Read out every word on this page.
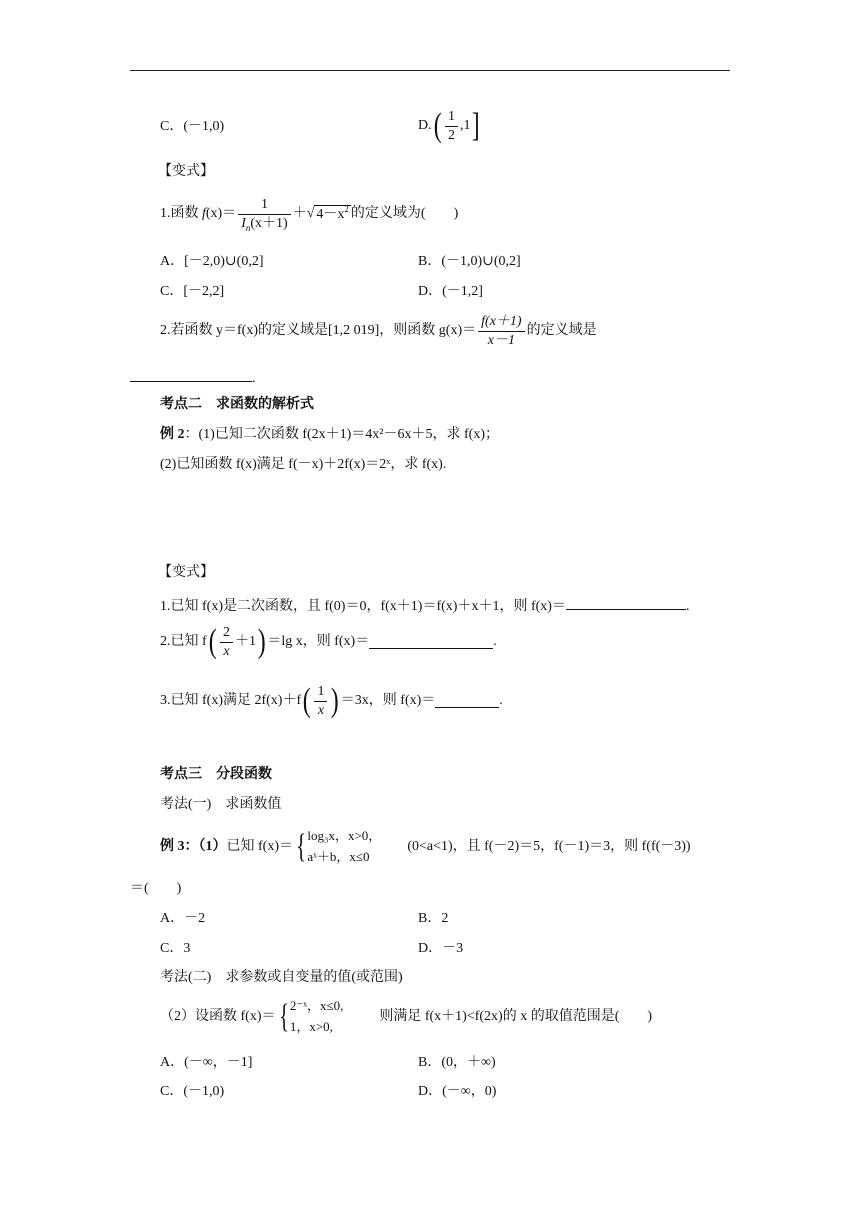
C．(－1,0)	$D.( \frac{1}{2} ,1]$
【变式】
1.函数 $f(x)= \frac{1}{I_n(x+1)}$ ＋√ $4-x^2$ 的定义域为(　　)
A．[－2,0)∪(0,2]	B．(－1,0)∪(0,2]
C．[－2,2]	D．(－1,2]
2.若函数 y＝f(x)的定义域是[1,2 019]，则函数 $g(x)= \frac{f(x+1)}{x-1}$ 的定义域是
.
考点二　求函数的解析式
例 2：(1)已知二次函数 f(2x＋1)＝4x²－6x＋5，求 f(x)；
(2)已知函数 f(x)满足 f(－x)＋2f(x)＝2ˣ，求 f(x).
【变式】
1.已知 f(x)是二次函数，且 f(0)＝0，f(x＋1)＝f(x)＋x＋1，则 f(x)＝	.
2.已知 $f( \frac{2}{x} +1) =\lg$ x，则 f(x)＝	.
3.已知 f(x)满足 $2f(x)+f( \frac{1}{x}$ ) ＝3x，则 f(x)＝	.
考点三　分段函数
考法(一)　求函数值
例 3：（1）已知 f(x)＝{ log₃x，x>0，
aˣ＋b，x≤0
(0<a<1)，且 f(－2)＝5，f(－1)＝3，则 f(f(－3))
＝(　　)
A．－2	B．2
C．3	D．－3
考法(二)　求参数或自变量的值(或范围)
（2）设函数 f(x)＝{ 2⁻ˣ，x≤0,
1，x>0,
则满足 f(x＋1)<f(2x)的 x 的取值范围是(　　)
A．(－∞，－1]	B．(0，＋∞)
C．(－1,0)	D．(－∞，0)
